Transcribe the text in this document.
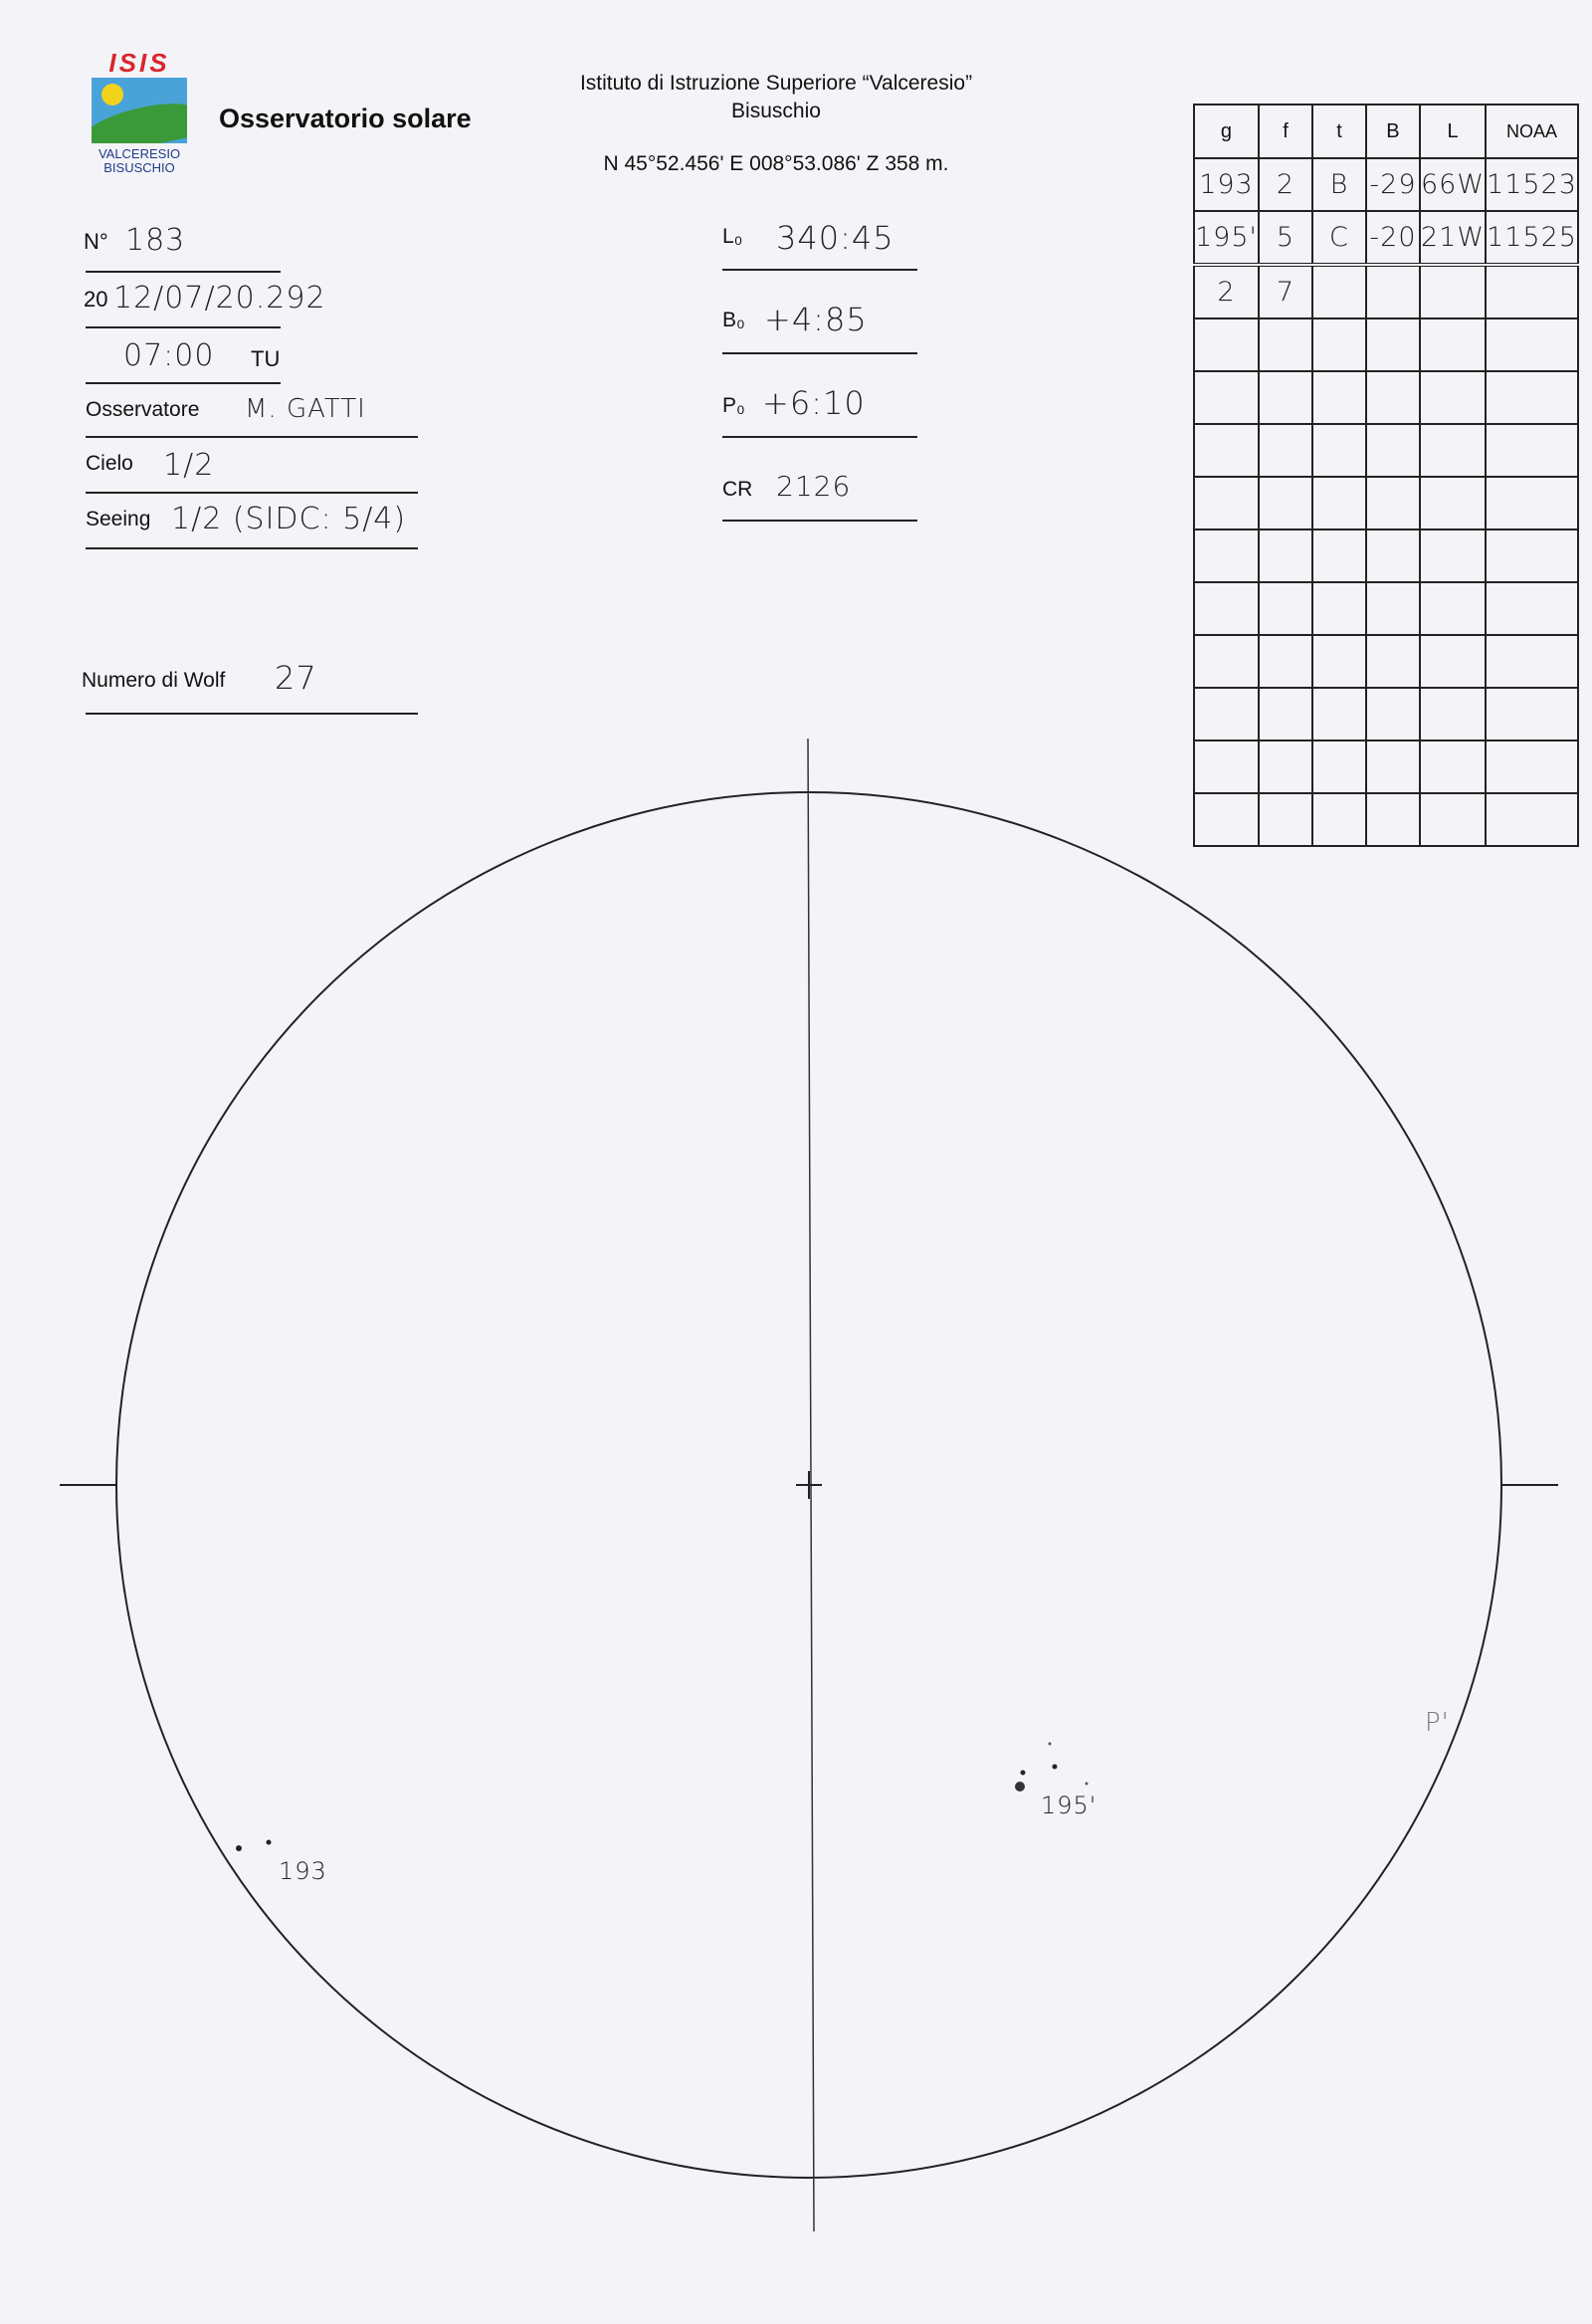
ISIS
VALCERESIO
BISUSCHIO
Osservatorio solare
Istituto di Istruzione Superiore “Valceresio”
Bisuschio
N 45°52.456' E 008°53.086' Z 358 m.
N° 183
20 12/07/20.292
07:00 TU
Osservatore M. GATTI
Cielo 1/2
Seeing 1/2 (SIDC: 5/4)
Numero di Wolf 27
L₀ 340:45
B₀ +4:85
P₀ +6:10
CR 2126
g	f	t	B	L	NOAA
193	2	B	-29	66W	11523
195'	5	C	-20	21W	11525
2	7				

193
195'
P'
